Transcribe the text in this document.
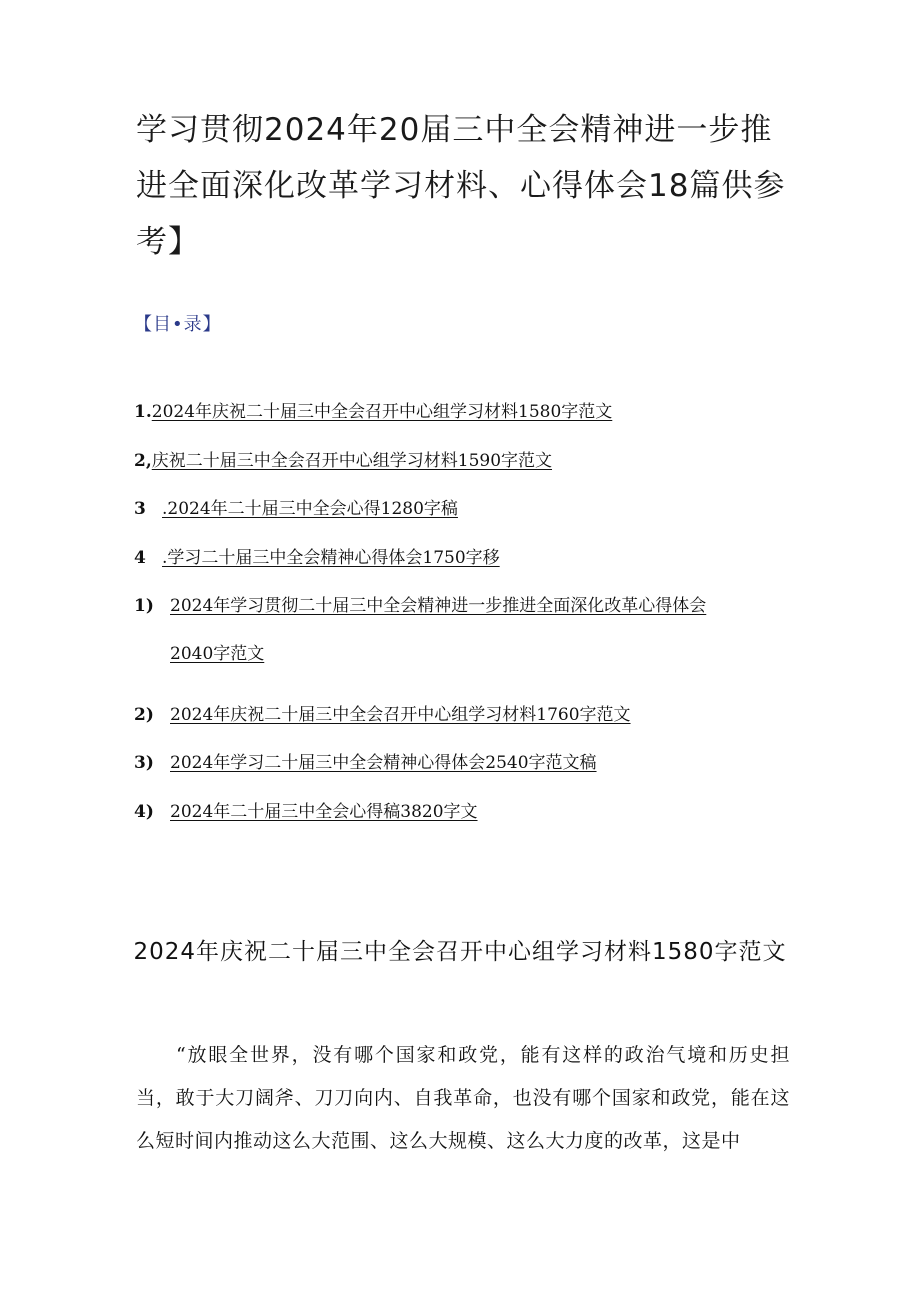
学习贯彻2024年20届三中全会精神进一步推进全面深化改革学习材料、心得体会18篇供参考】
【目•录】
1.2024年庆祝二十届三中全会召开中心组学习材料1580字范文
2,庆祝二十届三中全会召开中心组学习材料1590字范文
3 .2024年二十届三中全会心得1280字稿
4 .学习二十届三中全会精神心得体会1750字移
1) 2024年学习贯彻二十届三中全会精神进一步推进全面深化改革心得体会2040字范文
2) 2024年庆祝二十届三中全会召开中心组学习材料1760字范文
3) 2024年学习二十届三中全会精神心得体会2540字范文稿
4) 2024年二十届三中全会心得稿3820字文
2024年庆祝二十届三中全会召开中心组学习材料1580字范文

“放眼全世界，没有哪个国家和政党，能有这样的政治气境和历史担当，敢于大刀阔斧、刀刀向内、自我革命，也没有哪个国家和政党，能在这么短时间内推动这么大范围、这么大规模、这么大力度的改革，这是中
